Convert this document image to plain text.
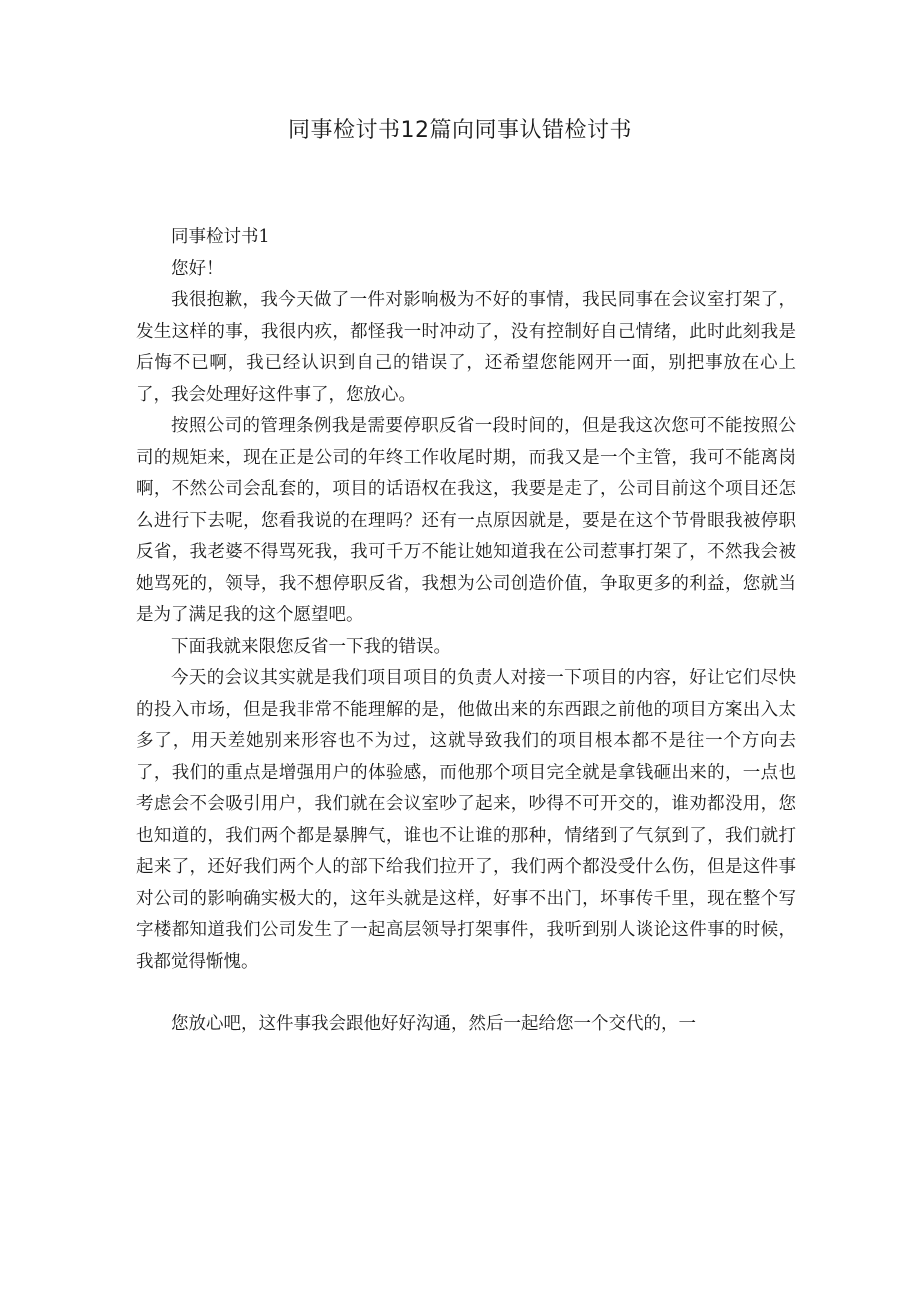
同事检讨书12篇向同事认错检讨书

同事检讨书1

您好！

我很抱歉，我今天做了一件对影响极为不好的事情，我民同事在会议室打架了，发生这样的事，我很内疚，都怪我一时冲动了，没有控制好自己情绪，此时此刻我是后悔不已啊，我已经认识到自己的错误了，还希望您能网开一面，别把事放在心上了，我会处理好这件事了，您放心。

按照公司的管理条例我是需要停职反省一段时间的，但是我这次您可不能按照公司的规矩来，现在正是公司的年终工作收尾时期，而我又是一个主管，我可不能离岗啊，不然公司会乱套的，项目的话语权在我这，我要是走了，公司目前这个项目还怎么进行下去呢，您看我说的在理吗？还有一点原因就是，要是在这个节骨眼我被停职反省，我老婆不得骂死我，我可千万不能让她知道我在公司惹事打架了，不然我会被她骂死的，领导，我不想停职反省，我想为公司创造价值，争取更多的利益，您就当是为了满足我的这个愿望吧。

下面我就来限您反省一下我的错误。

今天的会议其实就是我们项目项目的负责人对接一下项目的内容，好让它们尽快的投入市场，但是我非常不能理解的是，他做出来的东西跟之前他的项目方案出入太多了，用天差她别来形容也不为过，这就导致我们的项目根本都不是往一个方向去了，我们的重点是增强用户的体验感，而他那个项目完全就是拿钱砸出来的，一点也考虑会不会吸引用户，我们就在会议室吵了起来，吵得不可开交的，谁劝都没用，您也知道的，我们两个都是暴脾气，谁也不让谁的那种，情绪到了气氛到了，我们就打起来了，还好我们两个人的部下给我们拉开了，我们两个都没受什么伤，但是这件事对公司的影响确实极大的，这年头就是这样，好事不出门，坏事传千里，现在整个写字楼都知道我们公司发生了一起高层领导打架事件，我听到别人谈论这件事的时候，我都觉得惭愧。

您放心吧，这件事我会跟他好好沟通，然后一起给您一个交代的，一
